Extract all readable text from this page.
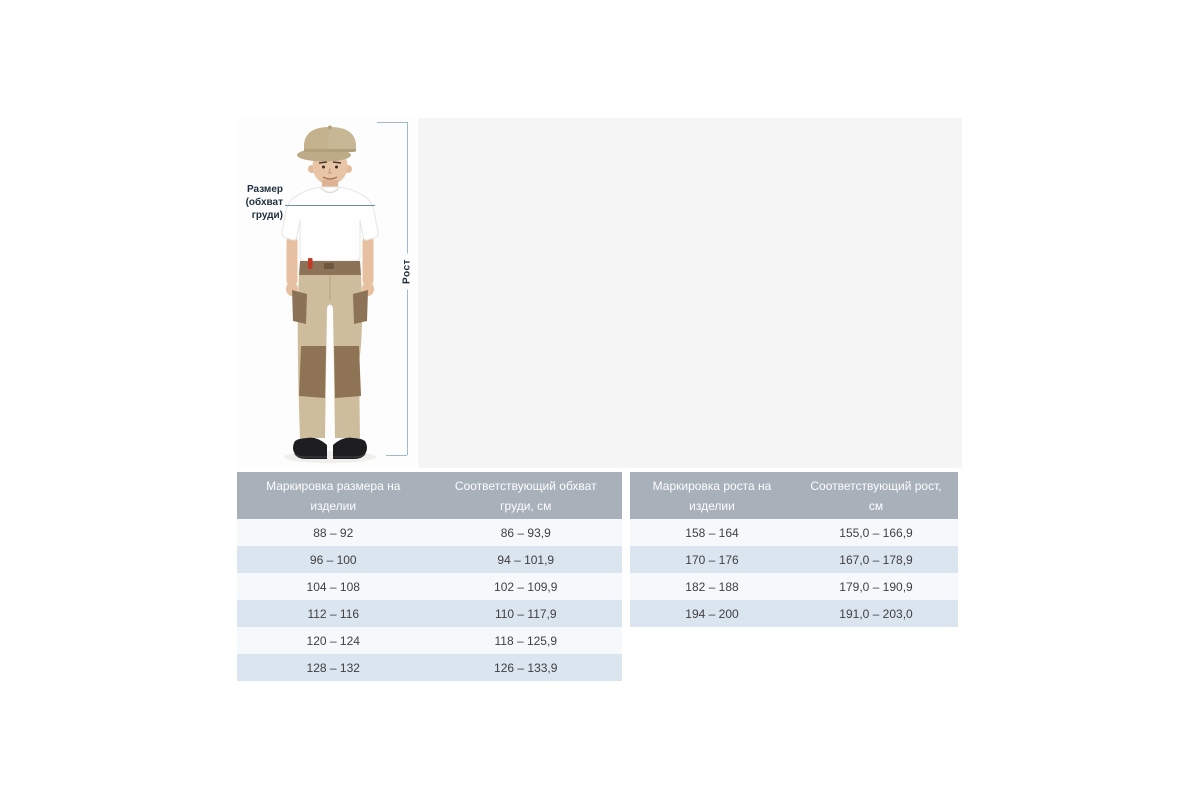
Размер
(обхват
груди)
Рост
Маркировка размера на изделии
Соответствующий обхват груди, см
88 – 92	86 – 93,9
96 – 100	94 – 101,9
104 – 108	102 – 109,9
112 – 116	110 – 117,9
120 – 124	118 – 125,9
128 – 132	126 – 133,9
Маркировка роста на изделии
Соответствующий рост, см
158 – 164	155,0 – 166,9
170 – 176	167,0 – 178,9
182 – 188	179,0 – 190,9
194 – 200	191,0 – 203,0
